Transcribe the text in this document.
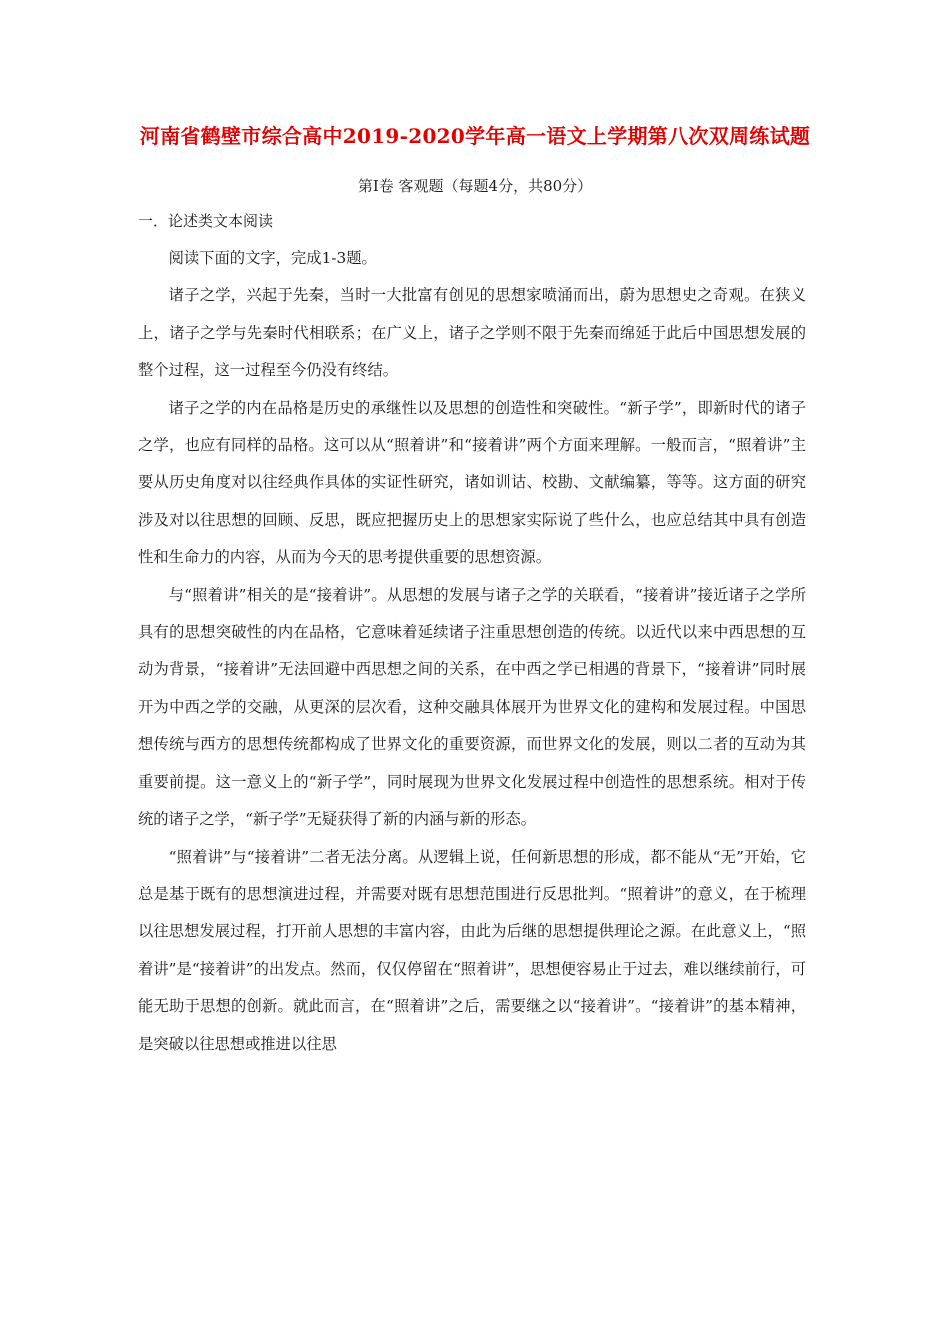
河南省鹤壁市综合高中2019-2020学年高一语文上学期第八次双周练试题
第Ⅰ卷 客观题（每题4分，共80分）
一．论述类文本阅读

阅读下面的文字，完成1-3题。

诸子之学，兴起于先秦，当时一大批富有创见的思想家喷涌而出，蔚为思想史之奇观。在狭义上，诸子之学与先秦时代相联系；在广义上，诸子之学则不限于先秦而绵延于此后中国思想发展的整个过程，这一过程至今仍没有终结。

诸子之学的内在品格是历史的承继性以及思想的创造性和突破性。“新子学”，即新时代的诸子之学，也应有同样的品格。这可以从“照着讲”和“接着讲”两个方面来理解。一般而言，“照着讲”主要从历史角度对以往经典作具体的实证性研究，诸如训诂、校勘、文献编纂，等等。这方面的研究涉及对以往思想的回顾、反思，既应把握历史上的思想家实际说了些什么，也应总结其中具有创造性和生命力的内容，从而为今天的思考提供重要的思想资源。

与“照着讲”相关的是“接着讲”。从思想的发展与诸子之学的关联看，“接着讲”接近诸子之学所具有的思想突破性的内在品格，它意味着延续诸子注重思想创造的传统。以近代以来中西思想的互动为背景，“接着讲”无法回避中西思想之间的关系，在中西之学已相遇的背景下，“接着讲”同时展开为中西之学的交融，从更深的层次看，这种交融具体展开为世界文化的建构和发展过程。中国思想传统与西方的思想传统都构成了世界文化的重要资源，而世界文化的发展，则以二者的互动为其重要前提。这一意义上的“新子学”，同时展现为世界文化发展过程中创造性的思想系统。相对于传统的诸子之学，“新子学”无疑获得了新的内涵与新的形态。

“照着讲”与“接着讲”二者无法分离。从逻辑上说，任何新思想的形成，都不能从“无”开始，它总是基于既有的思想演进过程，并需要对既有思想范围进行反思批判。“照着讲”的意义，在于梳理以往思想发展过程，打开前人思想的丰富内容，由此为后继的思想提供理论之源。在此意义上，“照着讲”是“接着讲”的出发点。然而，仅仅停留在“照着讲”，思想便容易止于过去，难以继续前行，可能无助于思想的创新。就此而言，在“照着讲”之后，需要继之以“接着讲”。“接着讲”的基本精神，是突破以往思想或推进以往思
